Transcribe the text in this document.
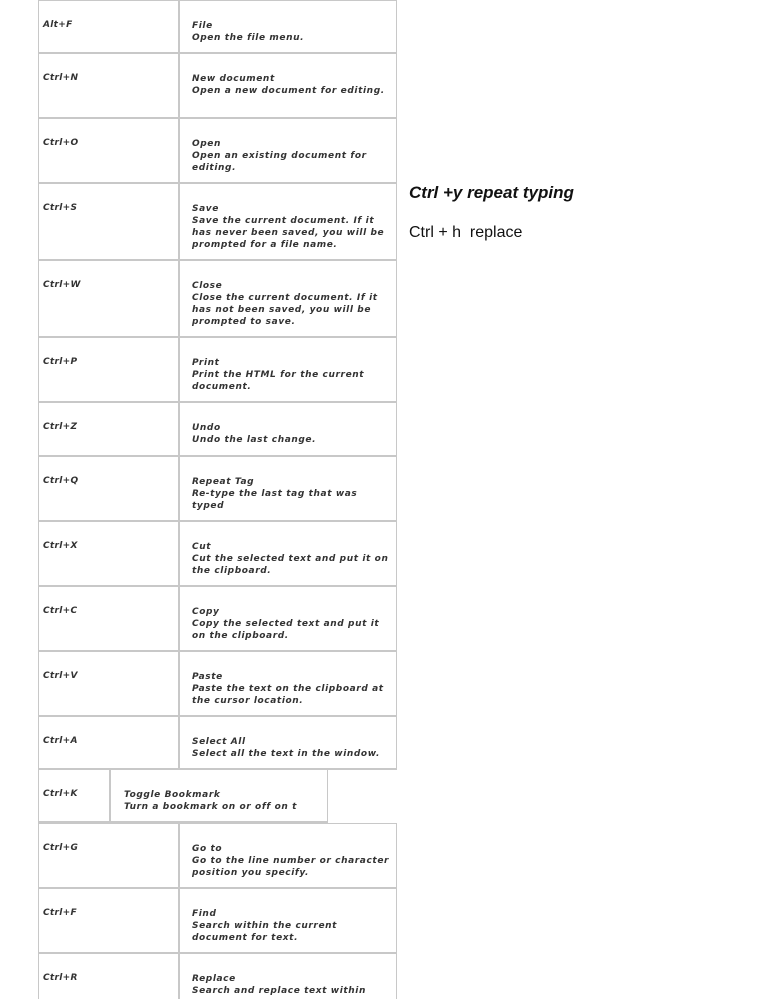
Alt+F	File
Open the file menu.
Ctrl+N	New document
Open a new document for editing.
Ctrl+O	Open
Open an existing document for editing.
Ctrl+S	Save
Save the current document. If it has never been saved, you will be prompted for a file name.
Ctrl+W	Close
Close the current document. If it has not been saved, you will be prompted to save.
Ctrl+P	Print
Print the HTML for the current document.
Ctrl+Z	Undo
Undo the last change.
Ctrl+Q	Repeat Tag
Re-type the last tag that was typed
Ctrl+X	Cut
Cut the selected text and put it on the clipboard.
Ctrl+C	Copy
Copy the selected text and put it on the clipboard.
Ctrl+V	Paste
Paste the text on the clipboard at the cursor location.
Ctrl+A	Select All
Select all the text in the window.
Ctrl+K	Toggle Bookmark
Turn a bookmark on or off on t
Ctrl+G	Go to
Go to the line number or character position you specify.
Ctrl+F	Find
Search within the current document for text.
Ctrl+R	Replace
Search and replace text within
Ctrl +y repeat typing
Ctrl + h  replace
